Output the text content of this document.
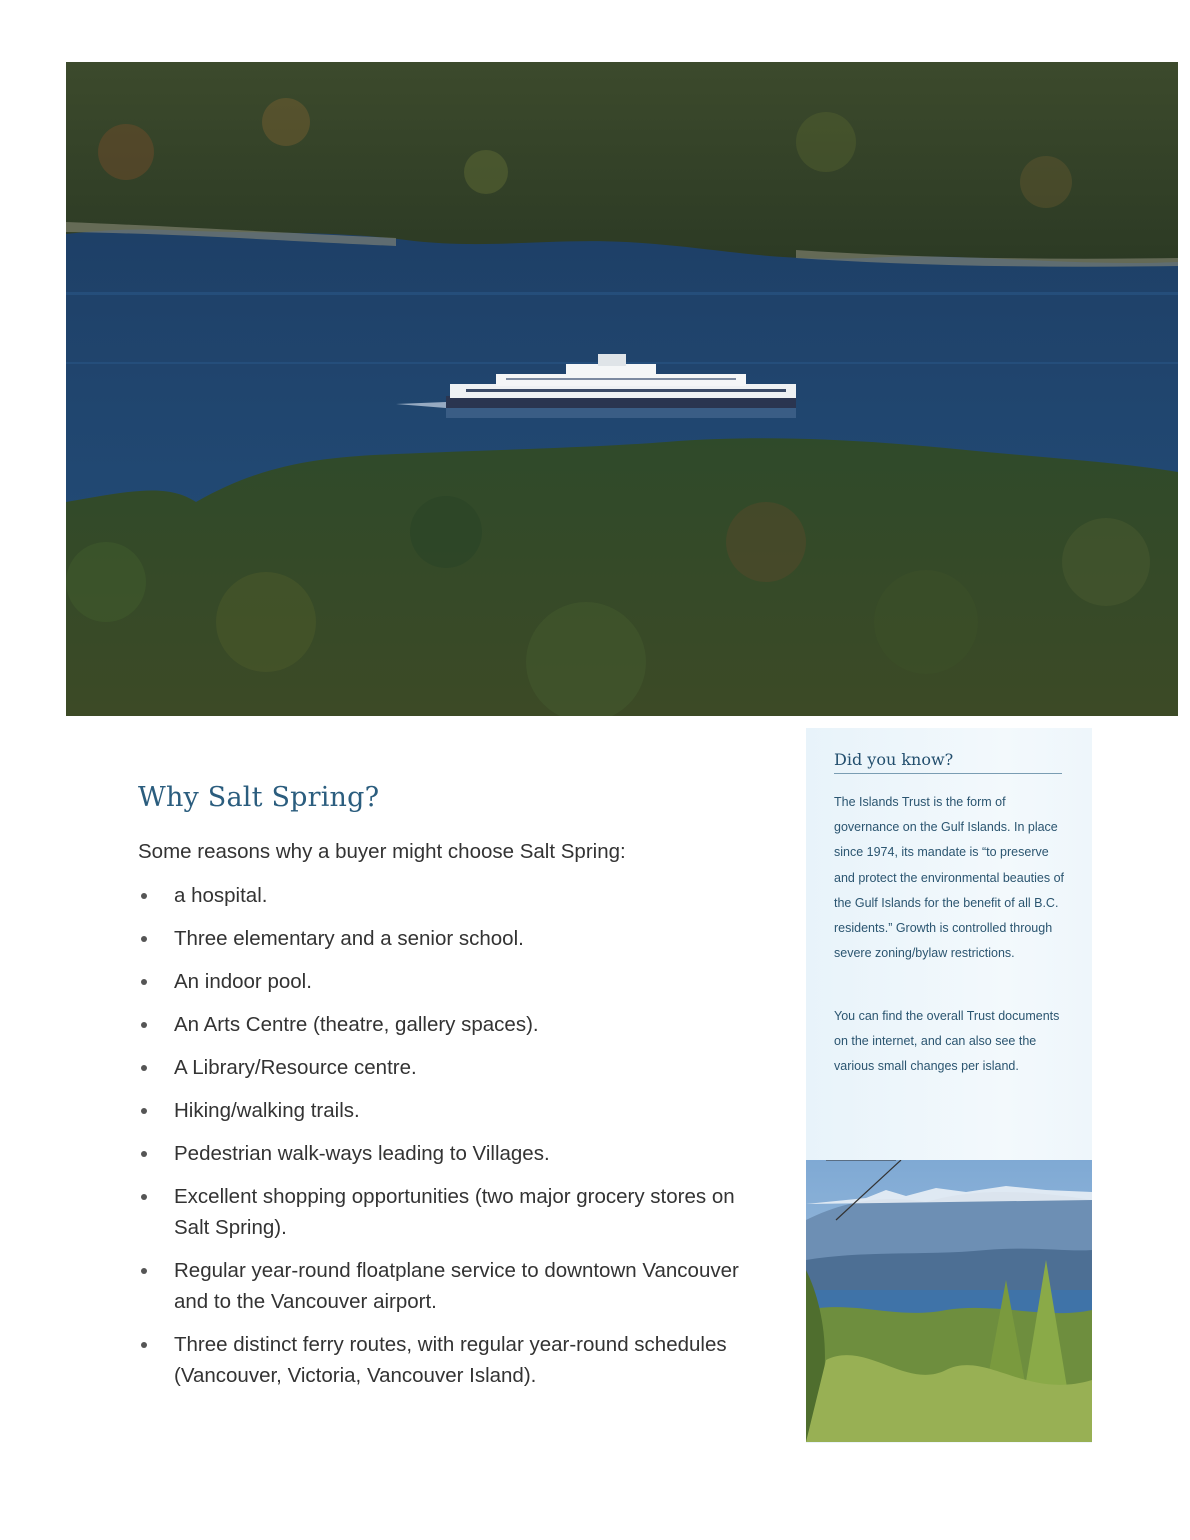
Why Salt Spring?

Some reasons why a buyer might choose Salt Spring:

a hospital.
Three elementary and a senior school.
An indoor pool.
An Arts Centre (theatre, gallery spaces).
A Library/Resource centre.
Hiking/walking trails.
Pedestrian walk-ways leading to Villages.
Excellent shopping opportunities (two major grocery stores on Salt Spring).
Regular year-round floatplane service to downtown Vancouver and to the Vancouver airport.
Three distinct ferry routes, with regular year-round schedules (Vancouver, Victoria, Vancouver Island).
Did you know?

The Islands Trust is the form of governance on the Gulf Islands. In place since 1974, its mandate is “to preserve and protect the environmental beauties of the Gulf Islands for the benefit of all B.C. residents.” Growth is controlled through severe zoning/bylaw restrictions.

You can find the overall Trust documents on the internet, and can also see the various small changes per island.
